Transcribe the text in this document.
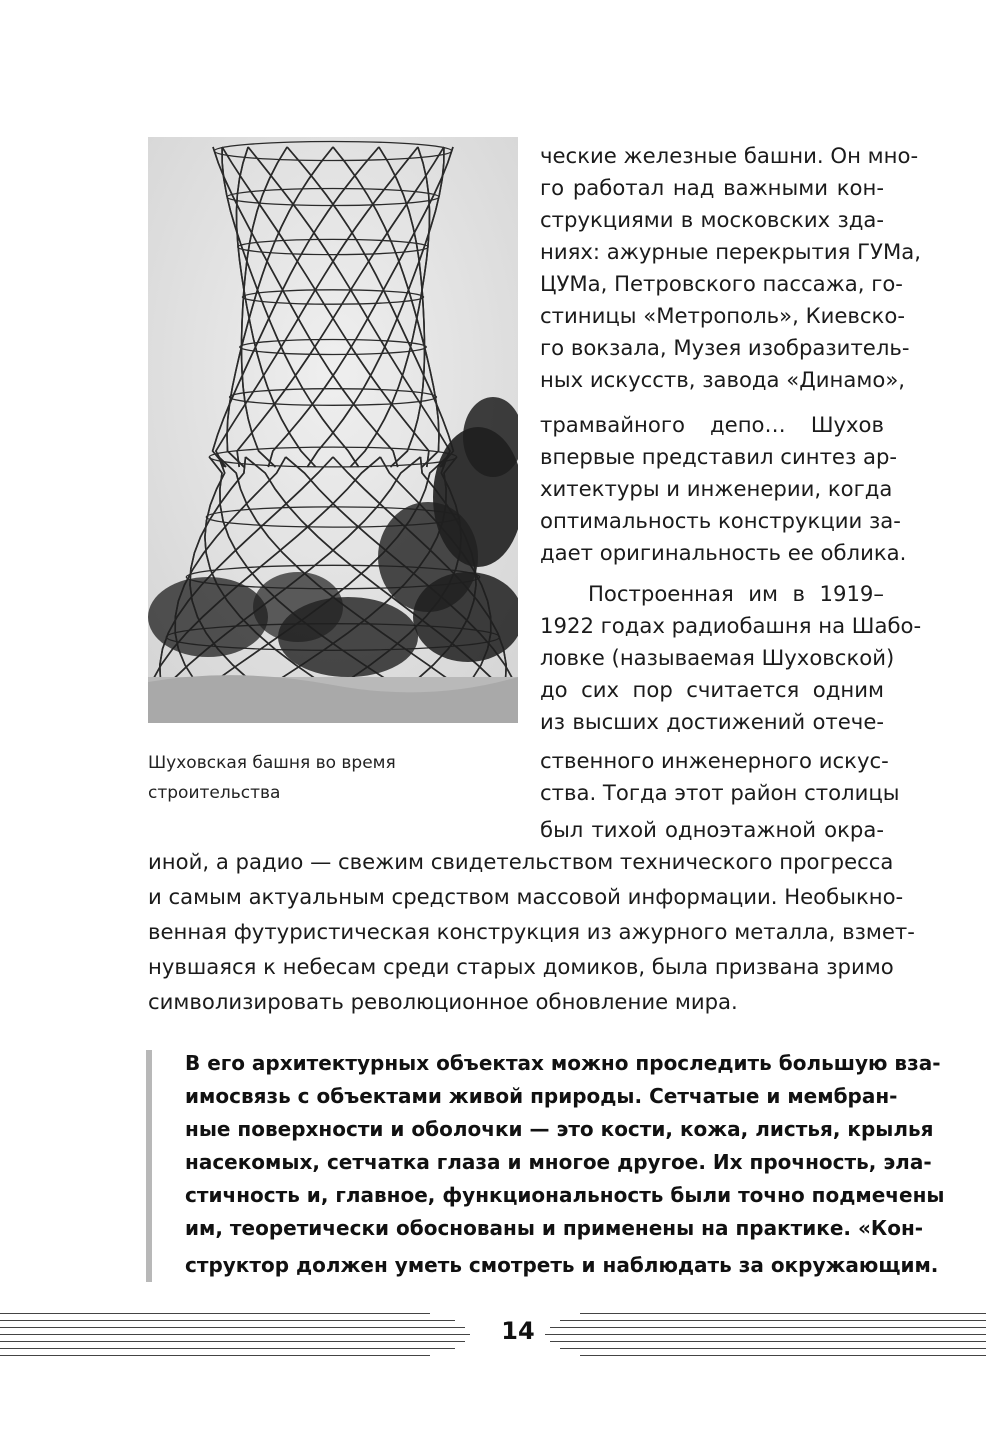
Шуховская башня во время
строительства
ческие железные башни. Он мно-
го работал над важными кон-
струкциями в московских зда-
ниях: ажурные перекрытия ГУМа,
ЦУМа, Петровского пассажа, го-
стиницы «Метрополь», Киевско-
го вокзала, Музея изобразитель-
ных искусств, завода «Динамо»,
трамвайного депо… Шухов
впервые представил синтез ар-
хитектуры и инженерии, когда
оптимальность конструкции за-
дает оригинальность ее облика.
Построенная им в 1919–
1922 годах радиобашня на Шабо-
ловке (называемая Шуховской)
до сих пор считается одним
из высших достижений отече-
ственного инженерного искус-
ства. Тогда этот район столицы
был тихой одноэтажной окра-
иной, а радио — свежим свидетельством технического прогресса
и самым актуальным средством массовой информации. Необыкно-
венная футуристическая конструкция из ажурного металла, взмет-
нувшаяся к небесам среди старых домиков, была призвана зримо
символизировать революционное обновление мира.
В его архитектурных объектах можно проследить большую вза-
имосвязь с объектами живой природы. Сетчатые и мембран-
ные поверхности и оболочки — это кости, кожа, листья, крылья
насекомых, сетчатка глаза и многое другое. Их прочность, эла-
стичность и, главное, функциональность были точно подмечены
им, теоретически обоснованы и применены на практике. «Кон-
структор должен уметь смотреть и наблюдать за окружающим.
14
